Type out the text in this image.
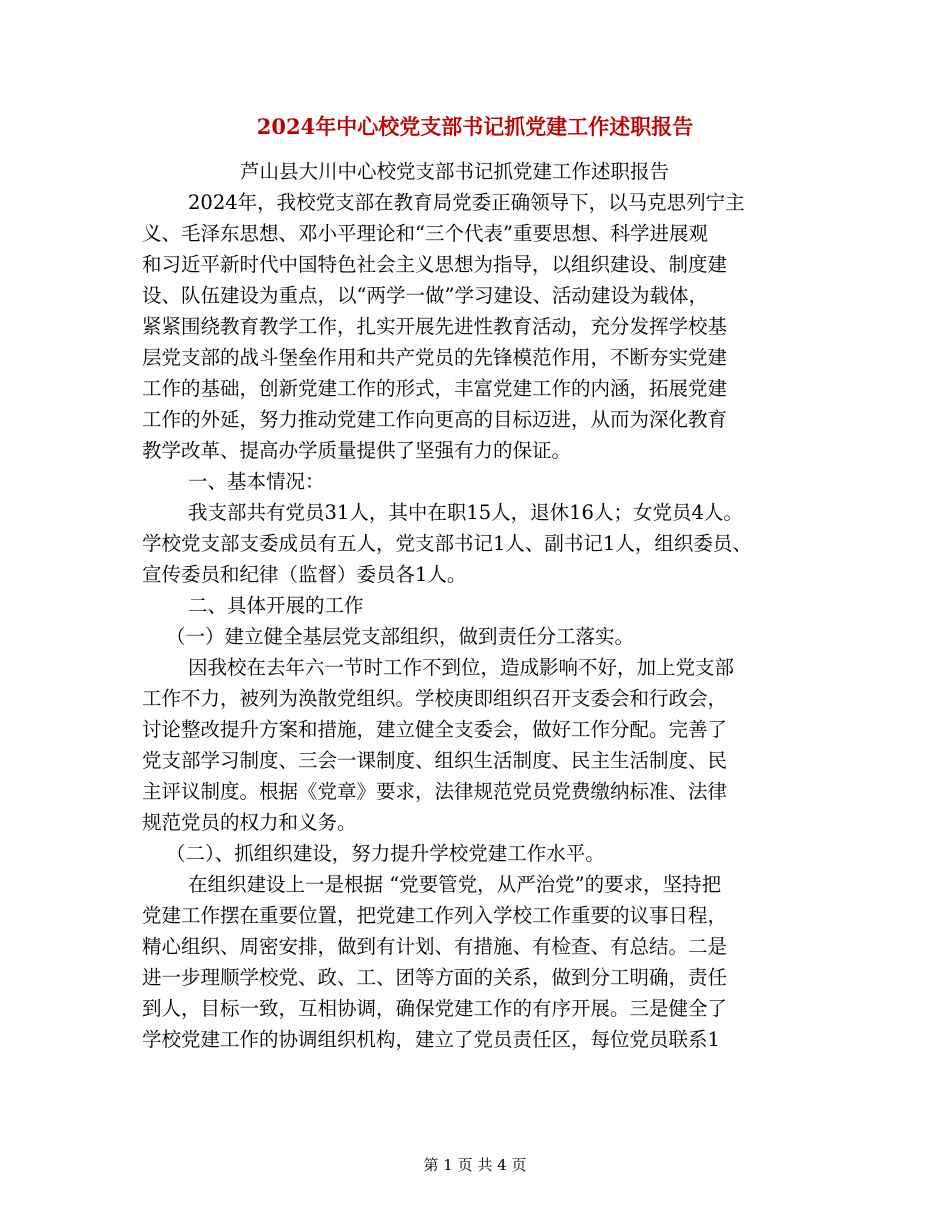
2024年中心校党支部书记抓党建工作述职报告
芦山县大川中心校党支部书记抓党建工作述职报告
2024年，我校党支部在教育局党委正确领导下，以马克思列宁主
义、毛泽东思想、邓小平理论和“三个代表”重要思想、科学进展观
和习近平新时代中国特色社会主义思想为指导，以组织建设、制度建
设、队伍建设为重点，以“两学一做”学习建设、活动建设为载体，
紧紧围绕教育教学工作，扎实开展先进性教育活动，充分发挥学校基
层党支部的战斗堡垒作用和共产党员的先锋模范作用，不断夯实党建
工作的基础，创新党建工作的形式，丰富党建工作的内涵，拓展党建
工作的外延，努力推动党建工作向更高的目标迈进，从而为深化教育
教学改革、提高办学质量提供了坚强有力的保证。
一、基本情况：
我支部共有党员31人，其中在职15人，退休16人；女党员4人。
学校党支部支委成员有五人，党支部书记1人、副书记1人，组织委员、
宣传委员和纪律（监督）委员各1人。
二、具体开展的工作
（一）建立健全基层党支部组织，做到责任分工落实。
因我校在去年六一节时工作不到位，造成影响不好，加上党支部
工作不力，被列为涣散党组织。学校庚即组织召开支委会和行政会，
讨论整改提升方案和措施，建立健全支委会，做好工作分配。完善了
党支部学习制度、三会一课制度、组织生活制度、民主生活制度、民
主评议制度。根据《党章》要求，法律规范党员党费缴纳标准、法律
规范党员的权力和义务。
（二）、抓组织建设，努力提升学校党建工作水平。
在组织建设上一是根据 “党要管党，从严治党”的要求，坚持把
党建工作摆在重要位置，把党建工作列入学校工作重要的议事日程，
精心组织、周密安排，做到有计划、有措施、有检查、有总结。二是
进一步理顺学校党、政、工、团等方面的关系，做到分工明确，责任
到人，目标一致，互相协调，确保党建工作的有序开展。三是健全了
学校党建工作的协调组织机构，建立了党员责任区，每位党员联系1
第 1 页 共 4 页
